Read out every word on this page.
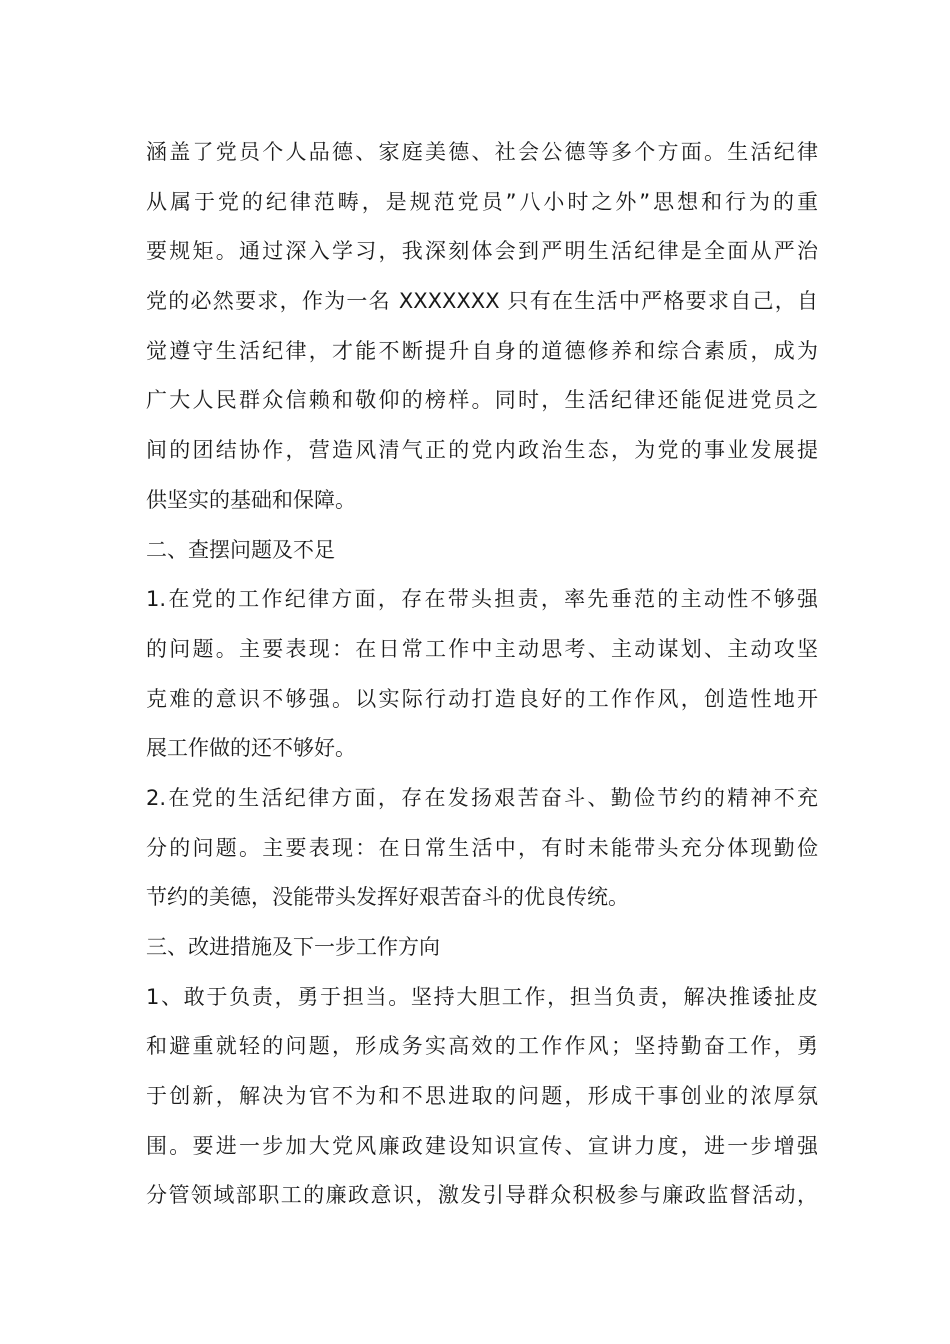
涵盖了党员个人品德、家庭美德、社会公德等多个方面。生活纪律
从属于党的纪律范畴，是规范党员”八小时之外”思想和行为的重
要规矩。通过深入学习，我深刻体会到严明生活纪律是全面从严治
党的必然要求，作为一名 XXXXXXX 只有在生活中严格要求自己，自
觉遵守生活纪律，才能不断提升自身的道德修养和综合素质，成为
广大人民群众信赖和敬仰的榜样。同时，生活纪律还能促进党员之
间的团结协作，营造风清气正的党内政治生态，为党的事业发展提
供坚实的基础和保障。
二、查摆问题及不足
1.在党的工作纪律方面，存在带头担责，率先垂范的主动性不够强
的问题。主要表现：在日常工作中主动思考、主动谋划、主动攻坚
克难的意识不够强。以实际行动打造良好的工作作风，创造性地开
展工作做的还不够好。
2.在党的生活纪律方面，存在发扬艰苦奋斗、勤俭节约的精神不充
分的问题。主要表现：在日常生活中，有时未能带头充分体现勤俭
节约的美德，没能带头发挥好艰苦奋斗的优良传统。
三、改进措施及下一步工作方向
1、敢于负责，勇于担当。坚持大胆工作，担当负责，解决推诿扯皮
和避重就轻的问题，形成务实高效的工作作风；坚持勤奋工作，勇
于创新，解决为官不为和不思进取的问题，形成干事创业的浓厚氛
围。要进一步加大党风廉政建设知识宣传、宣讲力度，进一步增强
分管领域部职工的廉政意识，激发引导群众积极参与廉政监督活动，
